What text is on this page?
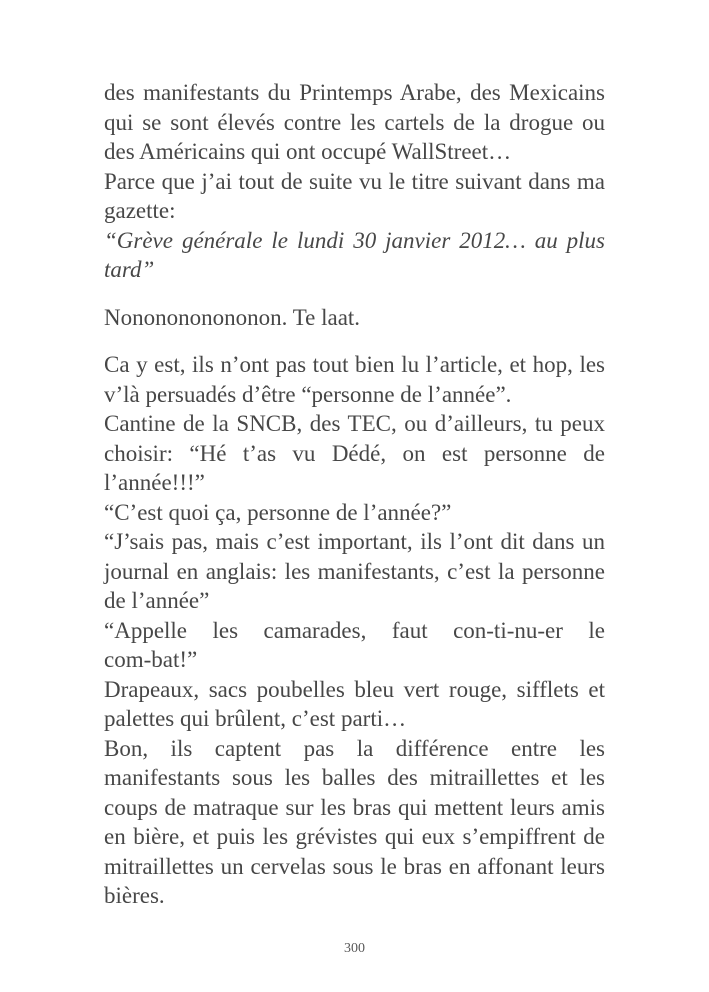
des manifestants du Printemps Arabe, des Mexicains
qui se sont élevés contre les cartels de la drogue ou
des Américains qui ont occupé WallStreet…
Parce que j’ai tout de suite vu le titre suivant dans ma
gazette:
“Grève générale le lundi 30 janvier 2012… au plus
tard”
Nononononononon. Te laat.
Ca y est, ils n’ont pas tout bien lu l’article, et hop, les
v’là persuadés d’être “personne de l’année”.
Cantine de la SNCB, des TEC, ou d’ailleurs, tu peux
choisir: “Hé t’as vu Dédé, on est personne de
l’année!!!”
“C’est quoi ça, personne de l’année?”
“J’sais pas, mais c’est important, ils l’ont dit dans un
journal en anglais: les manifestants, c’est la personne
de l’année”
“Appelle les camarades, faut con-ti-nu-er le
com-bat!”
Drapeaux, sacs poubelles bleu vert rouge, sifflets et
palettes qui brûlent, c’est parti…
Bon, ils captent pas la différence entre les
manifestants sous les balles des mitraillettes et les
coups de matraque sur les bras qui mettent leurs amis
en bière, et puis les grévistes qui eux s’empiffrent de
mitraillettes un cervelas sous le bras en affonant leurs
bières.
300
